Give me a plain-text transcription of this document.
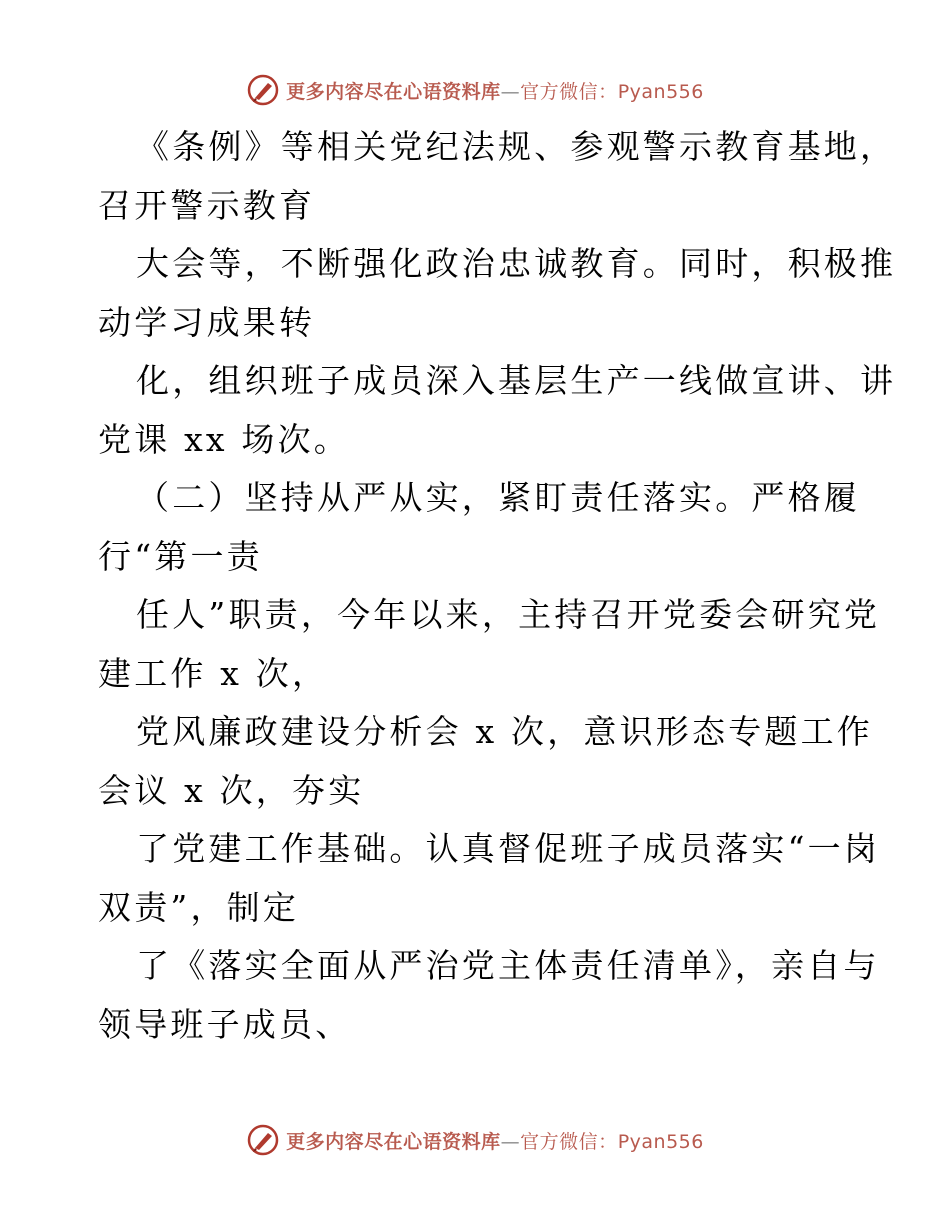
更多内容尽在心语资料库—官方微信：Pyan556
《条例》等相关党纪法规、参观警示教育基地，
召开警示教育
大会等，不断强化政治忠诚教育。同时，积极推
动学习成果转
化，组织班子成员深入基层生产一线做宣讲、讲
党课 xx 场次。
（二）坚持从严从实，紧盯责任落实。严格履
行“第一责
任人”职责，今年以来，主持召开党委会研究党
建工作 x 次，
党风廉政建设分析会 x 次，意识形态专题工作
会议 x 次，夯实
了党建工作基础。认真督促班子成员落实“一岗
双责”，制定
了《落实全面从严治党主体责任清单》，亲自与
领导班子成员、
更多内容尽在心语资料库—官方微信：Pyan556
